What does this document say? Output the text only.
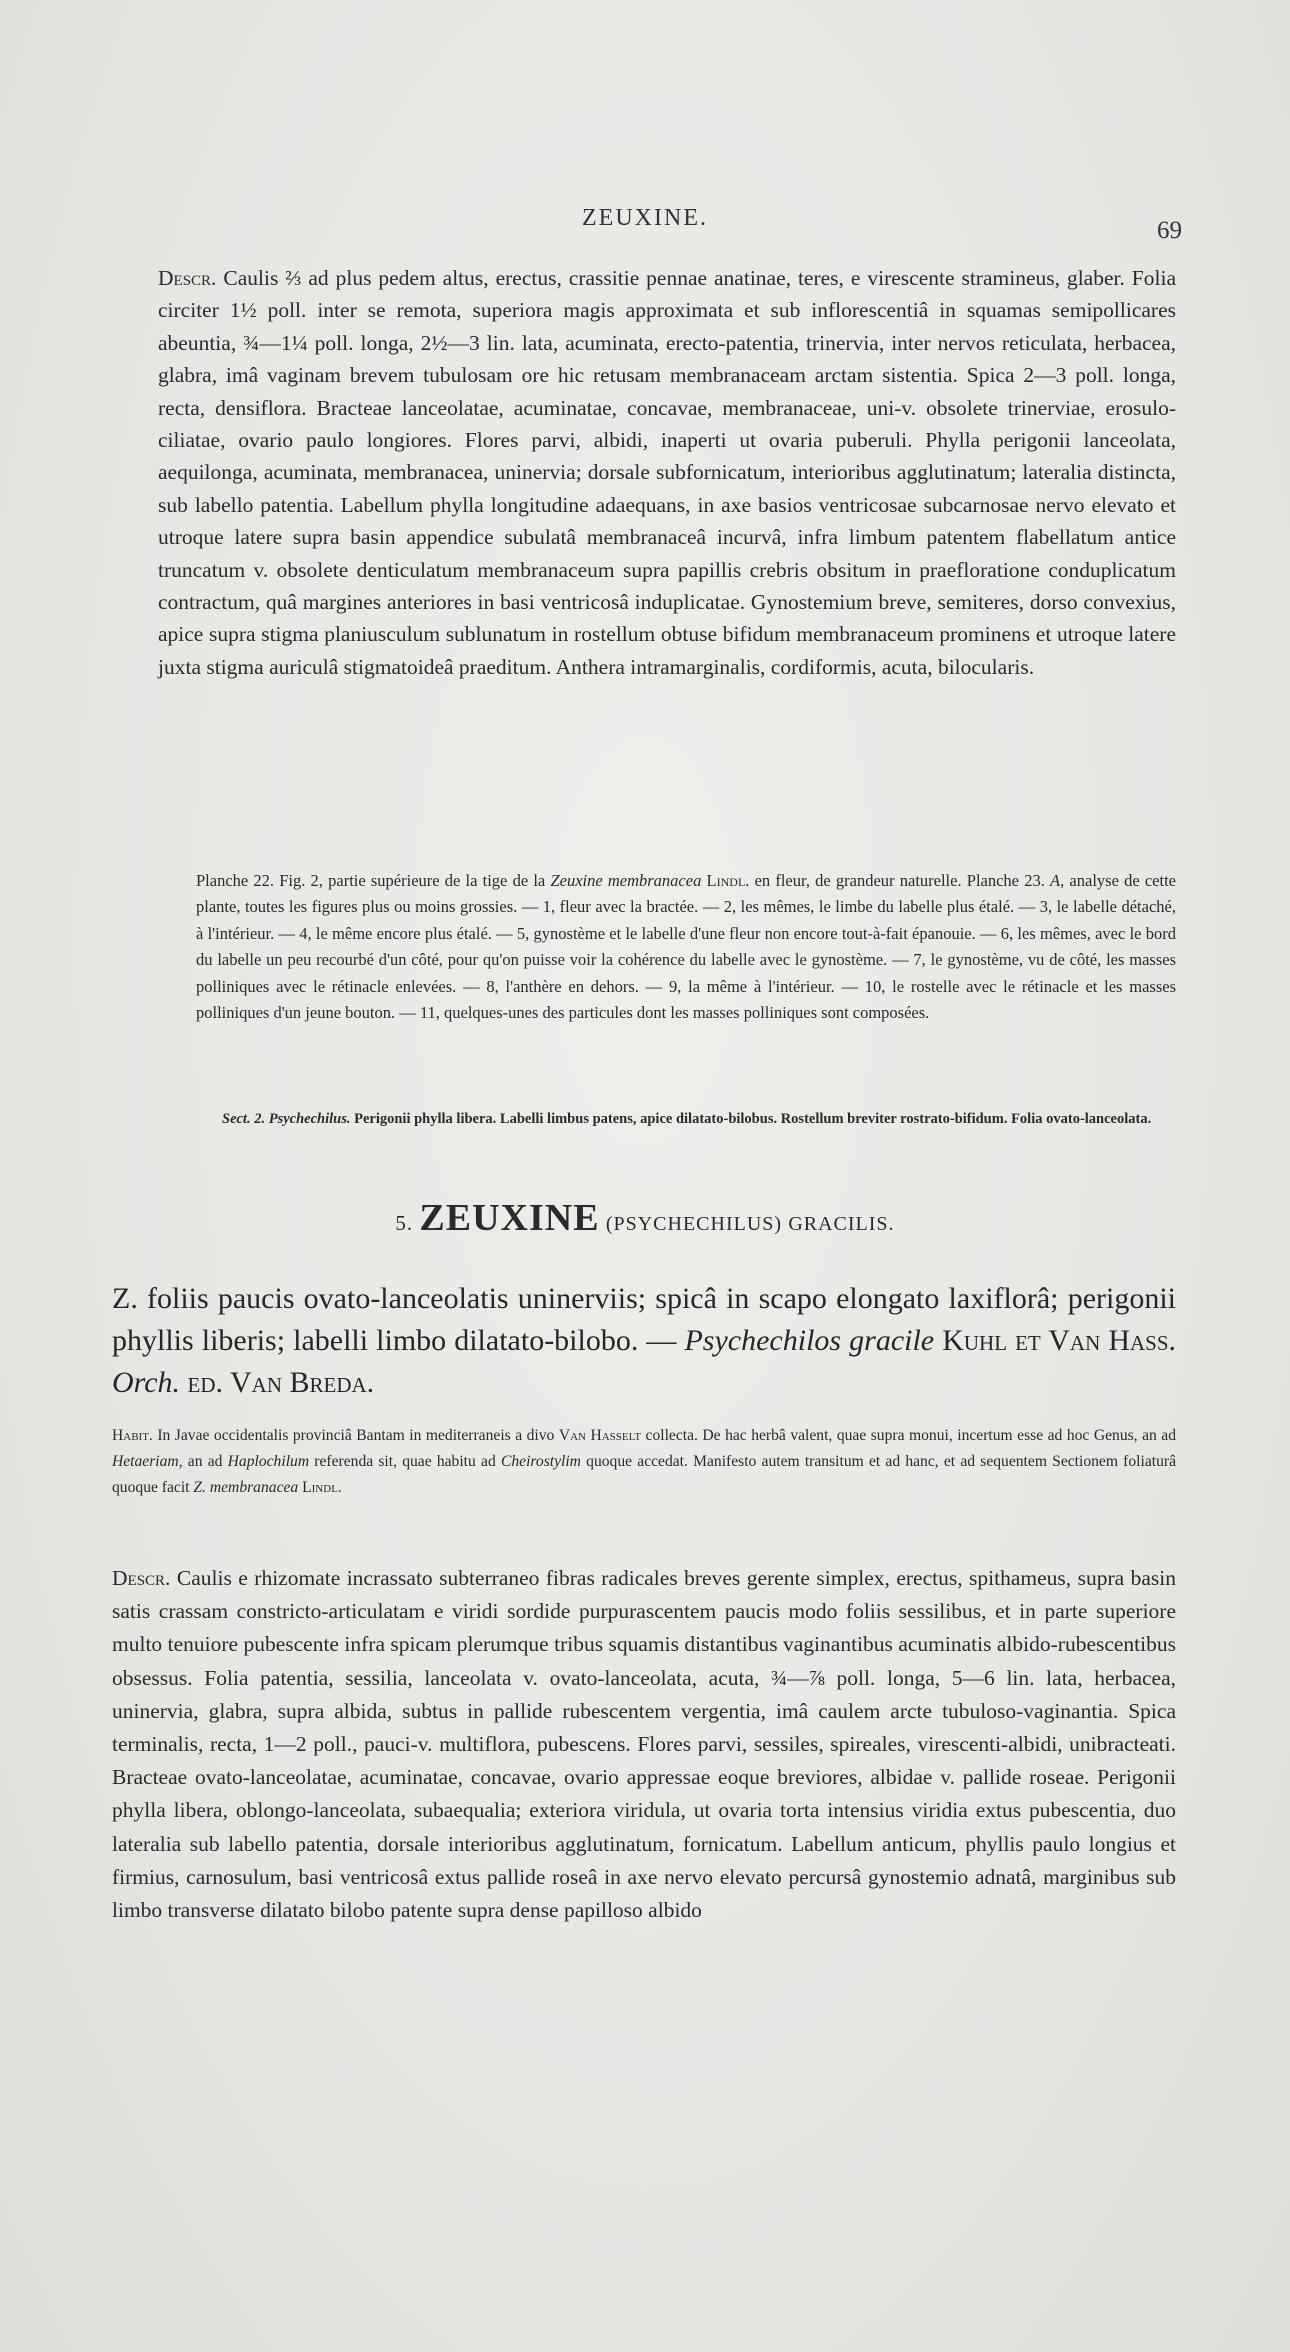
ZEUXINE.	69

Descr. Caulis ⅔ ad plus pedem altus, erectus, crassitie pennae anatinae, teres, e virescente stramineus, glaber. Folia circiter 1½ poll. inter se remota, superiora magis approximata et sub inflorescentiâ in squamas semipollicares abeuntia, ¾—1¼ poll. longa, 2½—3 lin. lata, acuminata, erecto-patentia, trinervia, inter nervos reticulata, herbacea, glabra, imâ vaginam brevem tubulosam ore hic retusam membranaceam arctam sistentia. Spica 2—3 poll. longa, recta, densiflora. Bracteae lanceolatae, acuminatae, concavae, membranaceae, uni-v. obsolete trinerviae, erosulo-ciliatae, ovario paulo longiores. Flores parvi, albidi, inaperti ut ovaria puberuli. Phylla perigonii lanceolata, aequilonga, acuminata, membranacea, uninervia; dorsale subfornicatum, interioribus agglutinatum; lateralia distincta, sub labello patentia. Labellum phylla longitudine adaequans, in axe basios ventricosae subcarnosae nervo elevato et utroque latere supra basin appendice subulatâ membranaceâ incurvâ, infra limbum patentem flabellatum antice truncatum v. obsolete denticulatum membranaceum supra papillis crebris obsitum in praefloratione conduplicatum contractum, quâ margines anteriores in basi ventricosâ induplicatae. Gynostemium breve, semiteres, dorso convexius, apice supra stigma planiusculum sublunatum in rostellum obtuse bifidum membranaceum prominens et utroque latere juxta stigma auriculâ stigmatoideâ praeditum. Anthera intramarginalis, cordiformis, acuta, bilocularis.

Planche 22. Fig. 2, partie supérieure de la tige de la Zeuxine membranacea Lindl. en fleur, de grandeur naturelle. Planche 23. A, analyse de cette plante, toutes les figures plus ou moins grossies. — 1, fleur avec la bractée. — 2, les mêmes, le limbe du labelle plus étalé. — 3, le labelle détaché, à l'intérieur. — 4, le même encore plus étalé. — 5, gynostème et le labelle d'une fleur non encore tout-à-fait épanouie. — 6, les mêmes, avec le bord du labelle un peu recourbé d'un côté, pour qu'on puisse voir la cohérence du labelle avec le gynostème. — 7, le gynostème, vu de côté, les masses polliniques avec le rétinacle enlevées. — 8, l'anthère en dehors. — 9, la même à l'intérieur. — 10, le rostelle avec le rétinacle et les masses polliniques d'un jeune bouton. — 11, quelques-unes des particules dont les masses polliniques sont composées.

Sect. 2. Psychechilus. Perigonii phylla libera. Labelli limbus patens, apice dilatato-bilobus. Rostellum breviter rostrato-bifidum. Folia ovato-lanceolata.

5. ZEUXINE (PSYCHECHILUS) GRACILIS.

Z. foliis paucis ovato-lanceolatis uninerviis; spicâ in scapo elongato laxiflorâ; perigonii phyllis liberis; labelli limbo dilatato-bilobo. — Psychechilos gracile Kuhl et Van Hass. Orch. ed. Van Breda.

Habit. In Javae occidentalis provinciâ Bantam in mediterraneis a divo Van Hasselt collecta. De hac herbâ valent, quae supra monui, incertum esse ad hoc Genus, an ad Hetaeriam, an ad Haplochilum referenda sit, quae habitu ad Cheirostylim quoque accedat. Manifesto autem transitum et ad hanc, et ad sequentem Sectionem foliaturâ quoque facit Z. membranacea Lindl.

Descr. Caulis e rhizomate incrassato subterraneo fibras radicales breves gerente simplex, erectus, spithameus, supra basin satis crassam constricto-articulatam e viridi sordide purpurascentem paucis modo foliis sessilibus, et in parte superiore multo tenuiore pubescente infra spicam plerumque tribus squamis distantibus vaginantibus acuminatis albido-rubescentibus obsessus. Folia patentia, sessilia, lanceolata v. ovato-lanceolata, acuta, ¾—⅞ poll. longa, 5—6 lin. lata, herbacea, uninervia, glabra, supra albida, subtus in pallide rubescentem vergentia, imâ caulem arcte tubuloso-vaginantia. Spica terminalis, recta, 1—2 poll., pauci-v. multiflora, pubescens. Flores parvi, sessiles, spireales, virescenti-albidi, unibracteati. Bracteae ovato-lanceolatae, acuminatae, concavae, ovario appressae eoque breviores, albidae v. pallide roseae. Perigonii phylla libera, oblongo-lanceolata, subaequalia; exteriora viridula, ut ovaria torta intensius viridia extus pubescentia, duo lateralia sub labello patentia, dorsale interioribus agglutinatum, fornicatum. Labellum anticum, phyllis paulo longius et firmius, carnosulum, basi ventricosâ extus pallide roseâ in axe nervo elevato percursâ gynostemio adnatâ, marginibus sub limbo transverse dilatato bilobo patente supra dense papilloso albido
